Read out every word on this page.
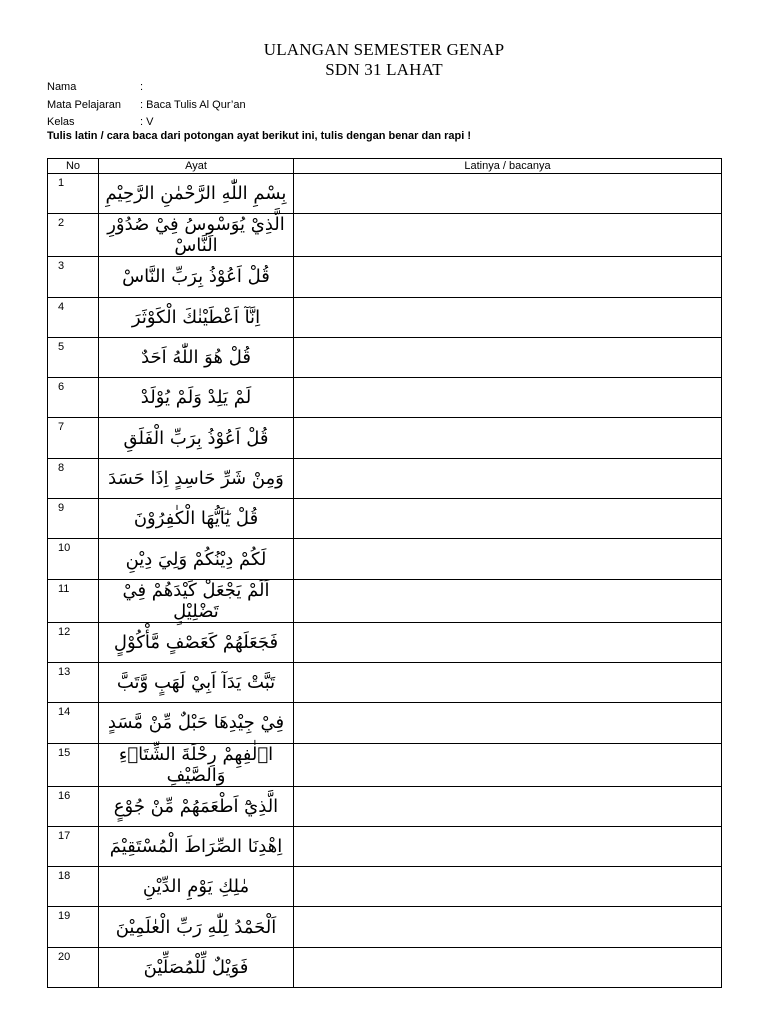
ULANGAN SEMESTER GENAP
SDN 31 LAHAT
Nama	:
Mata Pelajaran	: Baca Tulis Al Qur’an
Kelas	: V
Tulis latin / cara baca dari potongan ayat berikut ini, tulis dengan benar dan rapi !
No	Ayat	Latinya / bacanya
1	بِسْمِ اللّٰهِ الرَّحْمٰنِ الرَّحِيْمِ	
2	الَّذِيْ يُوَسْوِسُ فِيْ صُدُوْرِ النَّاسْ	
3	قُلْ اَعُوْذُ بِرَبِّ النَّاسْ	
4	اِنَّآ اَعْطَيْنٰكَ الْكَوْثَرَ	
5	قُلْ هُوَ اللّٰهُ اَحَدٌ	
6	لَمْ يَلِدْ وَلَمْ يُوْلَدْ	
7	قُلْ اَعُوْذُ بِرَبِّ الْفَلَقِ	
8	وَمِنْ شَرِّ حَاسِدٍ اِذَا حَسَدَ	
9	قُلْ يٰٓاَيُّهَا الْكٰفِرُوْنَ	
10	لَكُمْ دِيْنُكُمْ وَلِيَ دِيْنِ	
11	اَلَمْ يَجْعَلْ كَيْدَهُمْ فِيْ تَضْلِيْلٍ	
12	فَجَعَلَهُمْ كَعَصْفٍ مَّأْكُوْلٍ	
13	تَبَّتْ يَدَآ اَبِيْ لَهَبٍ وَّتَبَّ	
14	فِيْ جِيْدِهَا حَبْلٌ مِّنْ مَّسَدٍ	
15	اٖلٰفِهِمْ رِحْلَةَ الشِّتَاۤءِ وَالصَّيْفِ	
16	الَّذِيْٓ اَطْعَمَهُمْ مِّنْ جُوْعٍ	
17	اِهْدِنَا الصِّرَاطَ الْمُسْتَقِيْمَ	
18	مٰلِكِ يَوْمِ الدِّيْنِ	
19	اَلْحَمْدُ لِلّٰهِ رَبِّ الْعٰلَمِيْنَ	
20	فَوَيْلٌ لِّلْمُصَلِّيْنَ	
